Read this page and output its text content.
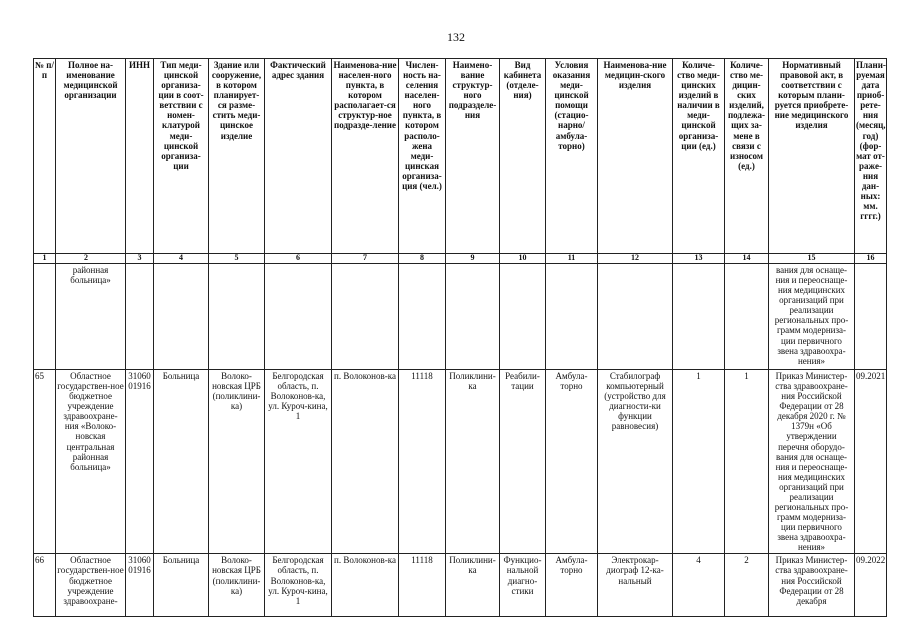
132
№ п/п	Полное на-именование медицинской организации	ИНН	Тип меди-цинской организа-ции в соот-ветствии с номен-клатурой меди-цинской организа-ции	Здание или сооружение, в котором планирует-ся разме-стить меди-цинское изделие	Фактический адрес здания	Наименова-ние населен-ного пункта, в котором располагает-ся структур-ное подразде-ление	Числен-ность на-селения населен-ного пункта, в котором располо-жена меди-цинская организа-ция (чел.)	Наимено-вание структур-ного подразделе-ния	Вид кабинета (отделе-ния)	Условия оказания меди-цинской помощи (стацио-нарно/ амбула-торно)	Наименова-ние медицин-ского изделия	Количе-ство меди-цинских изделий в наличии в меди-цинской организа-ции (ед.)	Количе-ство ме-дицин-ских изделий, подлежа-щих за-мене в связи с износом (ед.)	Нормативный правовой акт, в соответствии с которым плани-руется приобрете-ние медицинского изделия	Плани-руемая дата приоб-рете-ния (месяц, год) (фор-мат от-раже-ния дан-ных: мм. гггг.)
1	2	3	4	5	6	7	8	9	10	11	12	13	14	15	16
	районная больница»													вания для оснаще-ния и переоснаще-ния медицинских организаций при реализации региональных про-грамм модерниза-ции первичного звена здравоохра-нения»	
65	Областное государствен-ное бюджетное учреждение здравоохране-ния «Волоко-новская центральная районная больница»	3106001916	Больница	Волоко-новская ЦРБ (поликлини-ка)	Белгородская область, п. Волоконов-ка, ул. Куроч-кина, 1	п. Волоконов-ка	11118	Поликлини-ка	Реабили-тации	Амбула-торно	Стабилограф компьютерный (устройство для диагности-ки функции равновесия)	1	1	Приказ Министер-ства здравоохране-ния Российской Федерации от 28 декабря 2020 г. № 1379н «Об утверждении перечня оборудо-вания для оснаще-ния и переоснаще-ния медицинских организаций при реализации региональных про-грамм модерниза-ции первичного звена здравоохра-нения»	09.2021
66	Областное государствен-ное бюджетное учреждение здравоохране-	3106001916	Больница	Волоко-новская ЦРБ (поликлини-ка)	Белгородская область, п. Волоконов-ка, ул. Куроч-кина, 1	п. Волоконов-ка	11118	Поликлини-ка	Функцио-нальной диагно-стики	Амбула-торно	Электрокар-диограф 12-ка-нальный	4	2	Приказ Министер-ства здравоохране-ния Российской Федерации от 28 декабря	09.2022
